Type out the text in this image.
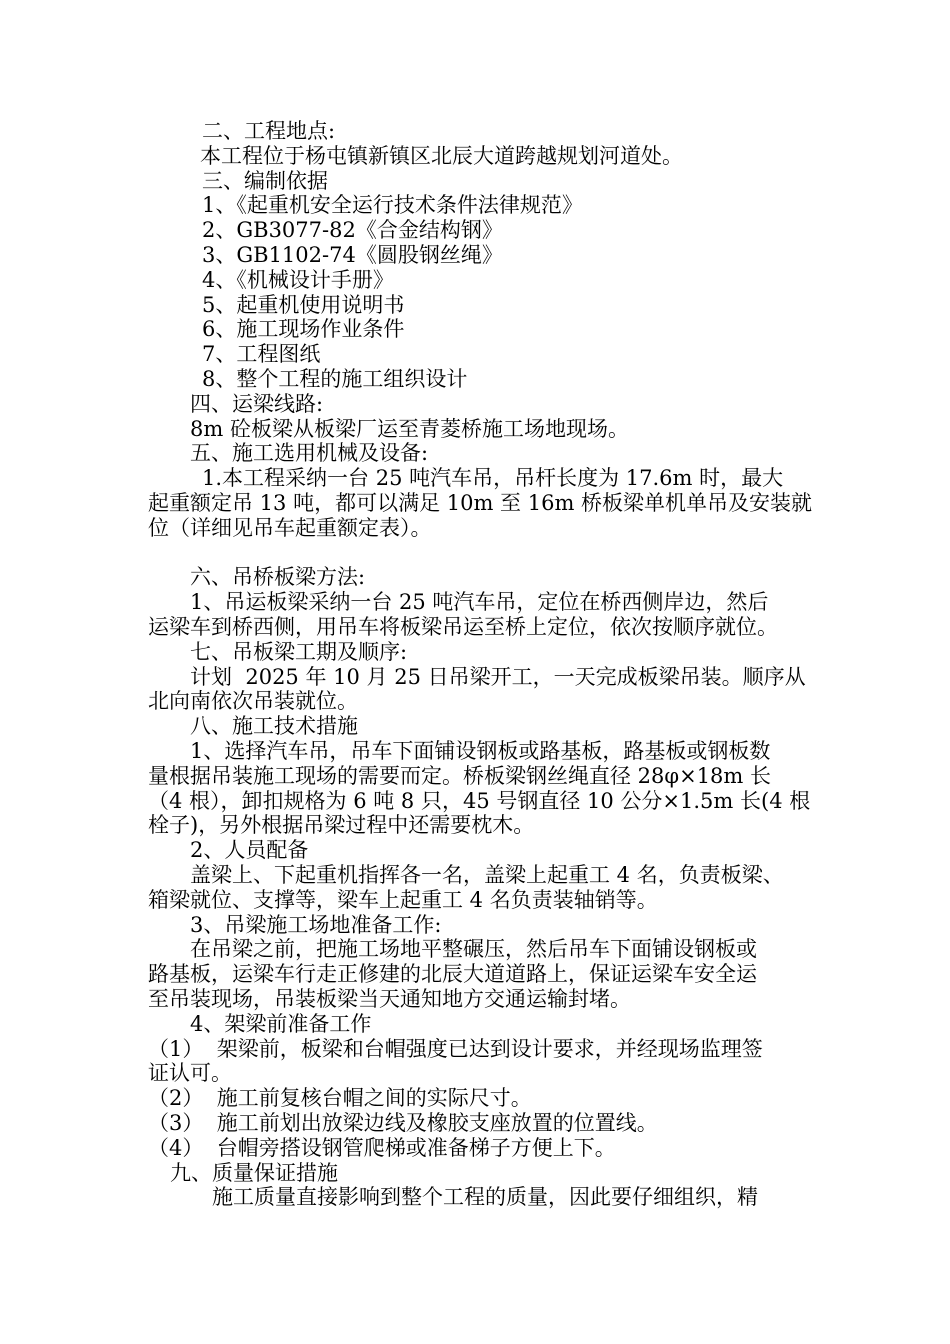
二、工程地点:
本工程位于杨屯镇新镇区北辰大道跨越规划河道处。
三、编制依据
1、《起重机安全运行技术条件法律规范》
2、GB3077-82《合金结构钢》
3、GB1102-74《圆股钢丝绳》
4、《机械设计手册》
5、起重机使用说明书
6、施工现场作业条件
7、工程图纸
8、整个工程的施工组织设计
四、运梁线路:
8m 砼板梁从板梁厂运至青菱桥施工场地现场。
五、施工选用机械及设备:
1.本工程采纳一台 25 吨汽车吊，吊杆长度为 17.6m 时，最大
起重额定吊 13 吨，都可以满足 10m 至 16m 桥板梁单机单吊及安装就
位（详细见吊车起重额定表）。
六、吊桥板梁方法:
1、吊运板梁采纳一台 25 吨汽车吊，定位在桥西侧岸边，然后
运梁车到桥西侧，用吊车将板梁吊运至桥上定位，依次按顺序就位。
七、吊板梁工期及顺序:
计划  2025 年 10 月 25 日吊梁开工，一天完成板梁吊装。顺序从
北向南依次吊装就位。
八、施工技术措施
1、选择汽车吊，吊车下面铺设钢板或路基板，路基板或钢板数
量根据吊装施工现场的需要而定。桥板梁钢丝绳直径 28φ×18m 长
（4 根），卸扣规格为 6 吨 8 只，45 号钢直径 10 公分×1.5m 长(4 根
栓子)，另外根据吊梁过程中还需要枕木。
2、人员配备
盖梁上、下起重机指挥各一名，盖梁上起重工 4 名，负责板梁、
箱梁就位、支撑等，梁车上起重工 4 名负责装轴销等。
3、吊梁施工场地准备工作:
在吊梁之前，把施工场地平整碾压，然后吊车下面铺设钢板或
路基板，运梁车行走正修建的北辰大道道路上，保证运梁车安全运
至吊装现场，吊装板梁当天通知地方交通运输封堵。
4、架梁前准备工作
（1）  架梁前，板梁和台帽强度已达到设计要求，并经现场监理签
证认可。
（2）  施工前复核台帽之间的实际尺寸。
（3）  施工前划出放梁边线及橡胶支座放置的位置线。
（4）  台帽旁搭设钢管爬梯或准备梯子方便上下。
九、质量保证措施
施工质量直接影响到整个工程的质量，因此要仔细组织，精
